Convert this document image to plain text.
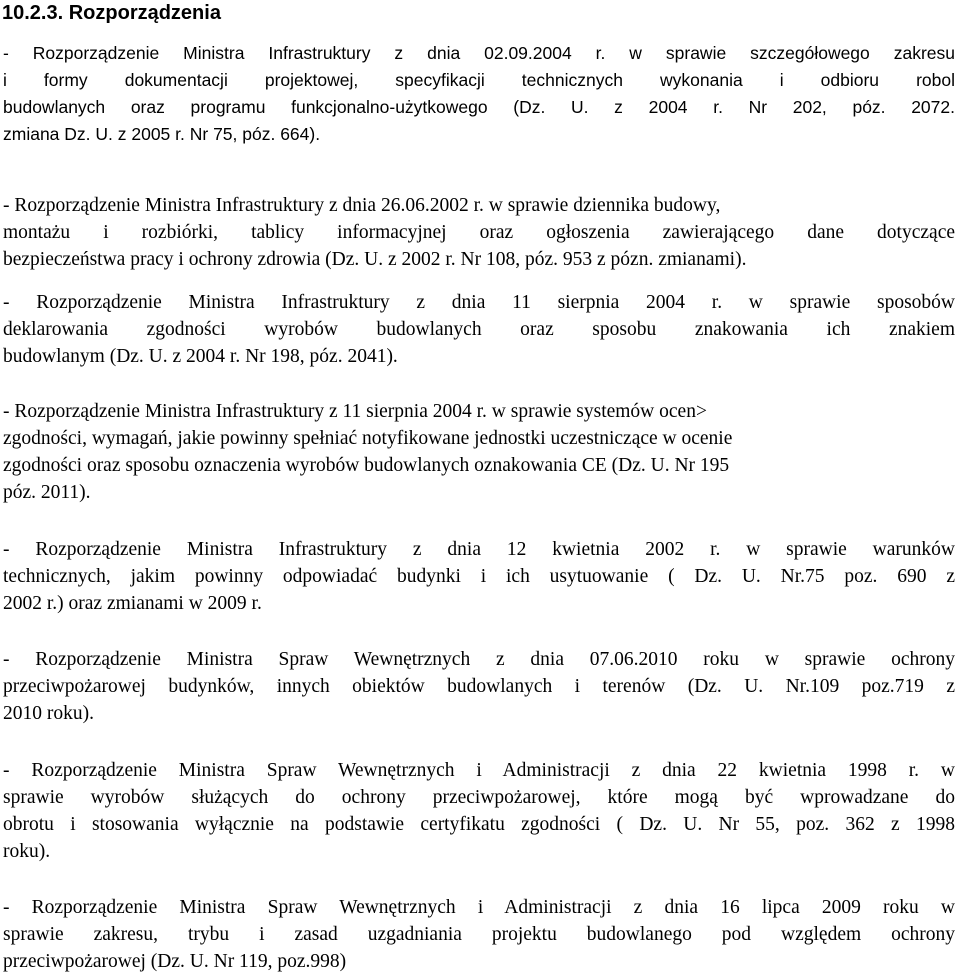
10.2.3. Rozporządzenia
- Rozporządzenie Ministra Infrastruktury z dnia 02.09.2004 r. w sprawie szczegółowego zakresu
i formy dokumentacji projektowej, specyfikacji technicznych wykonania i odbioru robol
budowlanych oraz programu funkcjonalno-użytkowego (Dz. U. z 2004 r. Nr 202, póz. 2072.
zmiana Dz. U. z 2005 r. Nr 75, póz. 664).
- Rozporządzenie Ministra Infrastruktury z dnia 26.06.2002 r. w sprawie dziennika budowy,
montażu i rozbiórki, tablicy informacyjnej oraz ogłoszenia zawierającego dane dotyczące
bezpieczeństwa pracy i ochrony zdrowia (Dz. U. z 2002 r. Nr 108, póz. 953 z pózn. zmianami).
- Rozporządzenie Ministra Infrastruktury z dnia 11 sierpnia 2004 r. w sprawie sposobów
deklarowania zgodności wyrobów budowlanych oraz sposobu znakowania ich znakiem
budowlanym (Dz. U. z 2004 r. Nr 198, póz. 2041).
- Rozporządzenie Ministra Infrastruktury z 11 sierpnia 2004 r. w sprawie systemów ocen>
zgodności, wymagań, jakie powinny spełniać notyfikowane jednostki uczestniczące w ocenie
zgodności oraz sposobu oznaczenia wyrobów budowlanych oznakowania CE (Dz. U. Nr 195
póz. 2011).
- Rozporządzenie Ministra Infrastruktury z dnia 12 kwietnia 2002 r. w sprawie warunków
technicznych, jakim powinny odpowiadać budynki i ich usytuowanie ( Dz. U. Nr.75 poz. 690 z
2002 r.) oraz zmianami w 2009 r.
- Rozporządzenie Ministra Spraw Wewnętrznych z dnia 07.06.2010 roku w sprawie ochrony
przeciwpożarowej budynków, innych obiektów budowlanych i terenów (Dz. U. Nr.109 poz.719 z
2010 roku).
- Rozporządzenie Ministra Spraw Wewnętrznych i Administracji z dnia 22 kwietnia 1998 r. w
sprawie wyrobów służących do ochrony przeciwpożarowej, które mogą być wprowadzane do
obrotu i stosowania wyłącznie na podstawie certyfikatu zgodności ( Dz. U. Nr 55, poz. 362 z 1998
roku).
- Rozporządzenie Ministra Spraw Wewnętrznych i Administracji z dnia 16 lipca 2009 roku w
sprawie zakresu, trybu i zasad uzgadniania projektu budowlanego pod względem ochrony
przeciwpożarowej (Dz. U. Nr 119, poz.998)
